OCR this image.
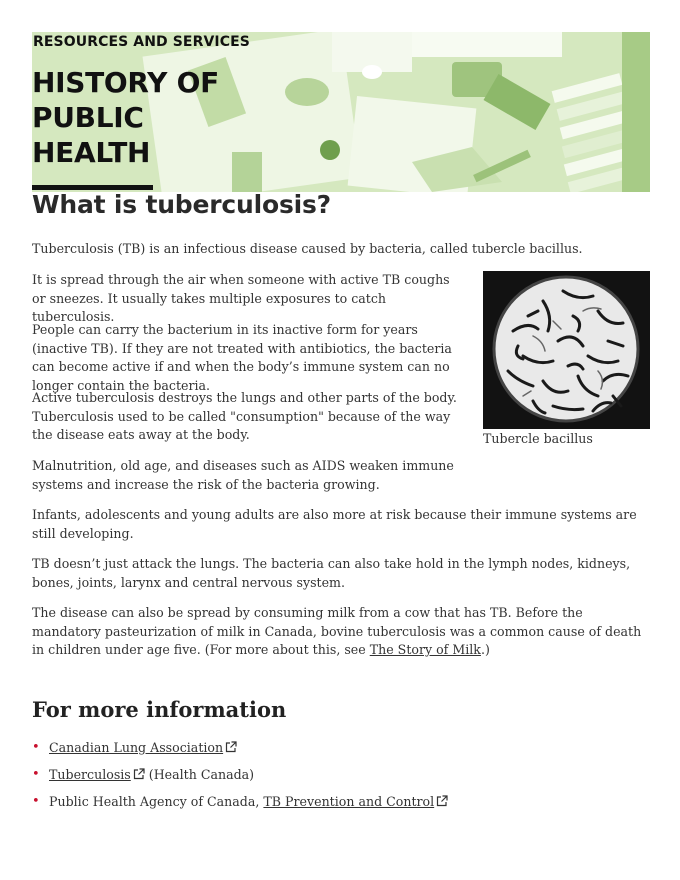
RESOURCES AND SERVICES
HISTORY OF
PUBLIC
HEALTH
What is tuberculosis?

Tuberculosis (TB) is an infectious disease caused by bacteria, called tubercle bacillus.

It is spread through the air when someone with active TB coughs or sneezes. It usually takes multiple exposures to catch tuberculosis.

People can carry the bacterium in its inactive form for years (inactive TB). If they are not treated with antibiotics, the bacteria can become active if and when the body’s immune system can no longer contain the bacteria.

Active tuberculosis destroys the lungs and other parts of the body. Tuberculosis used to be called "consumption" because of the way the disease eats away at the body.

Malnutrition, old age, and diseases such as AIDS weaken immune systems and increase the risk of the bacteria growing.

Infants, adolescents and young adults are also more at risk because their immune systems are still developing.

TB doesn’t just attack the lungs. The bacteria can also take hold in the lymph nodes, kidneys, bones, joints, larynx and central nervous system.

The disease can also be spread by consuming milk from a cow that has TB. Before the mandatory pasteurization of milk in Canada, bovine tuberculosis was a common cause of death in children under age five. (For more about this, see The Story of Milk.)

Tubercle bacillus
For more information
• Canadian Lung Association
• Tuberculosis (Health Canada)
• Public Health Agency of Canada, TB Prevention and Control
